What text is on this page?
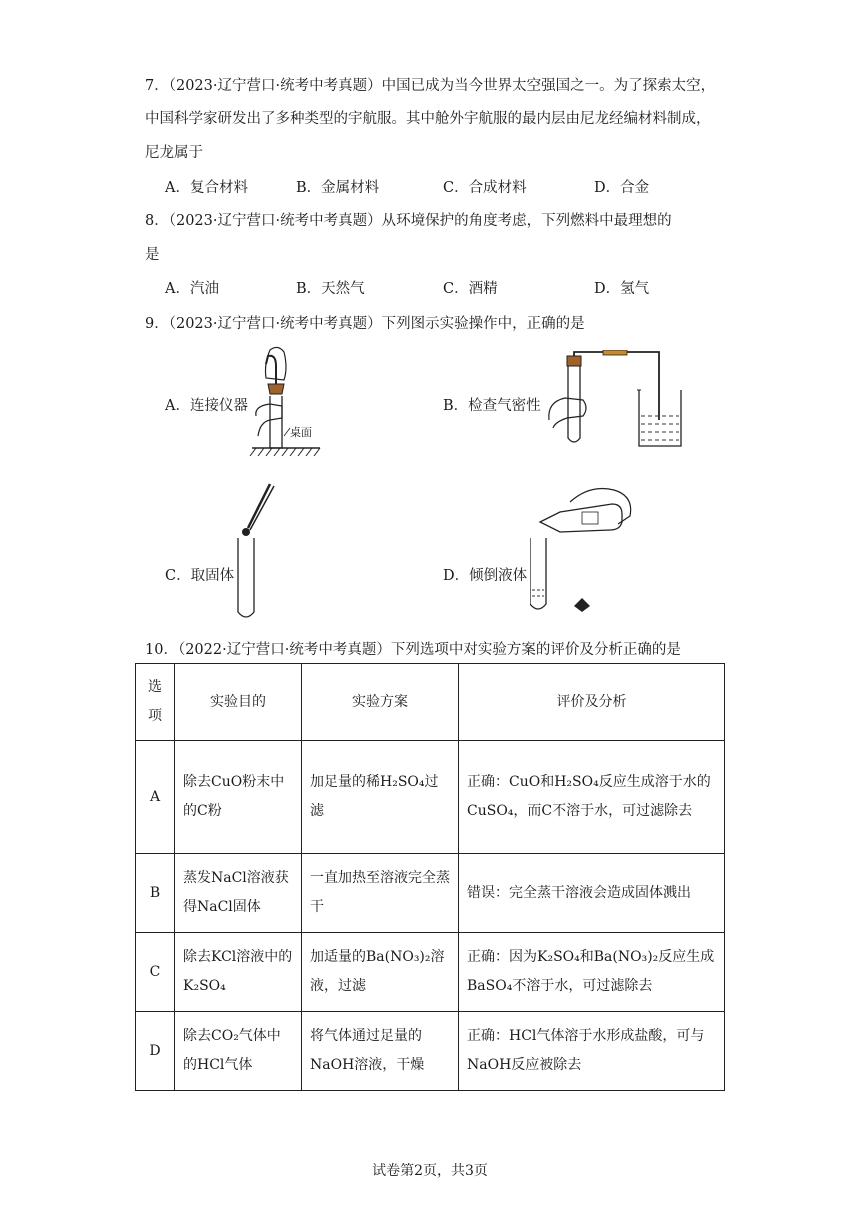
7．（2023·辽宁营口·统考中考真题）中国已成为当今世界太空强国之一。为了探索太空，
中国科学家研发出了多种类型的宇航服。其中舱外宇航服的最内层由尼龙经编材料制成，
尼龙属于
A．复合材料	B．金属材料	C．合成材料	D．合金
8．（2023·辽宁营口·统考中考真题）从环境保护的角度考虑，下列燃料中最理想的
是
A．汽油	B．天然气	C．酒精	D．氢气
9．（2023·辽宁营口·统考中考真题）下列图示实验操作中，正确的是
A．连接仪器	B．检查气密性
C．取固体	D．倾倒液体
桌面
10．（2022·辽宁营口·统考中考真题）下列选项中对实验方案的评价及分析正确的是
选项	实验目的	实验方案	评价及分析
A	除去CuO粉末中的C粉	加足量的稀H₂SO₄过滤	正确：CuO和H₂SO₄反应生成溶于水的CuSO₄，而C不溶于水，可过滤除去
B	蒸发NaCl溶液获得NaCl固体	一直加热至溶液完全蒸干	错误：完全蒸干溶液会造成固体溅出
C	除去KCl溶液中的K₂SO₄	加适量的Ba(NO₃)₂溶液，过滤	正确：因为K₂SO₄和Ba(NO₃)₂反应生成BaSO₄不溶于水，可过滤除去
D	除去CO₂气体中的HCl气体	将气体通过足量的NaOH溶液，干燥	正确：HCl气体溶于水形成盐酸，可与NaOH反应被除去
试卷第2页，共3页
